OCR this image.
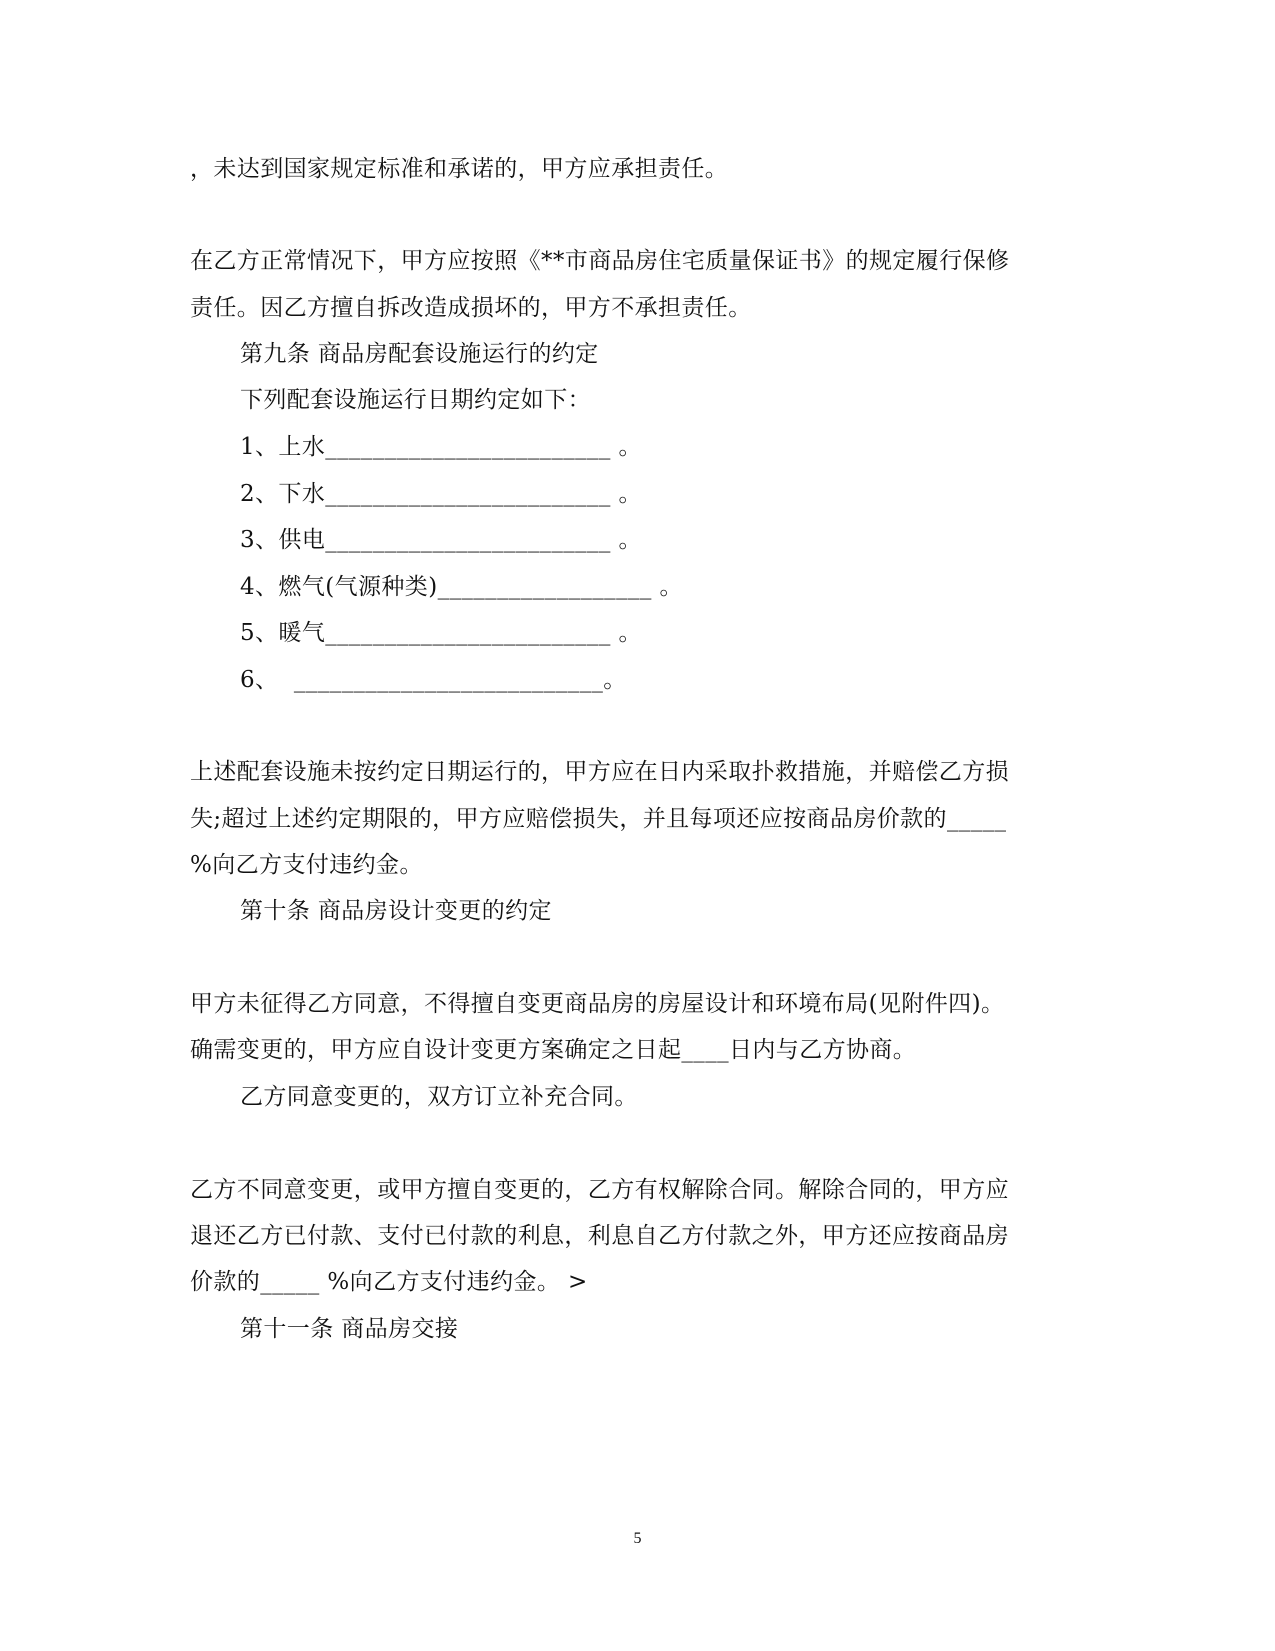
，未达到国家规定标准和承诺的，甲方应承担责任。
在乙方正常情况下，甲方应按照《**市商品房住宅质量保证书》的规定履行保修
责任。因乙方擅自拆改造成损坏的，甲方不承担责任。
第九条 商品房配套设施运行的约定
下列配套设施运行日期约定如下：
1、上水________________________ 。
2、下水________________________ 。
3、供电________________________ 。
4、燃气(气源种类)__________________ 。
5、暖气________________________ 。
6、  __________________________。
上述配套设施未按约定日期运行的，甲方应在日内采取扑救措施，并赔偿乙方损
失;超过上述约定期限的，甲方应赔偿损失，并且每项还应按商品房价款的_____
%向乙方支付违约金。
第十条 商品房设计变更的约定
甲方未征得乙方同意，不得擅自变更商品房的房屋设计和环境布局(见附件四)。
确需变更的，甲方应自设计变更方案确定之日起____日内与乙方协商。
乙方同意变更的，双方订立补充合同。
乙方不同意变更，或甲方擅自变更的，乙方有权解除合同。解除合同的，甲方应
退还乙方已付款、支付已付款的利息，利息自乙方付款之外，甲方还应按商品房
价款的_____ %向乙方支付违约金。 >
第十一条 商品房交接
5
